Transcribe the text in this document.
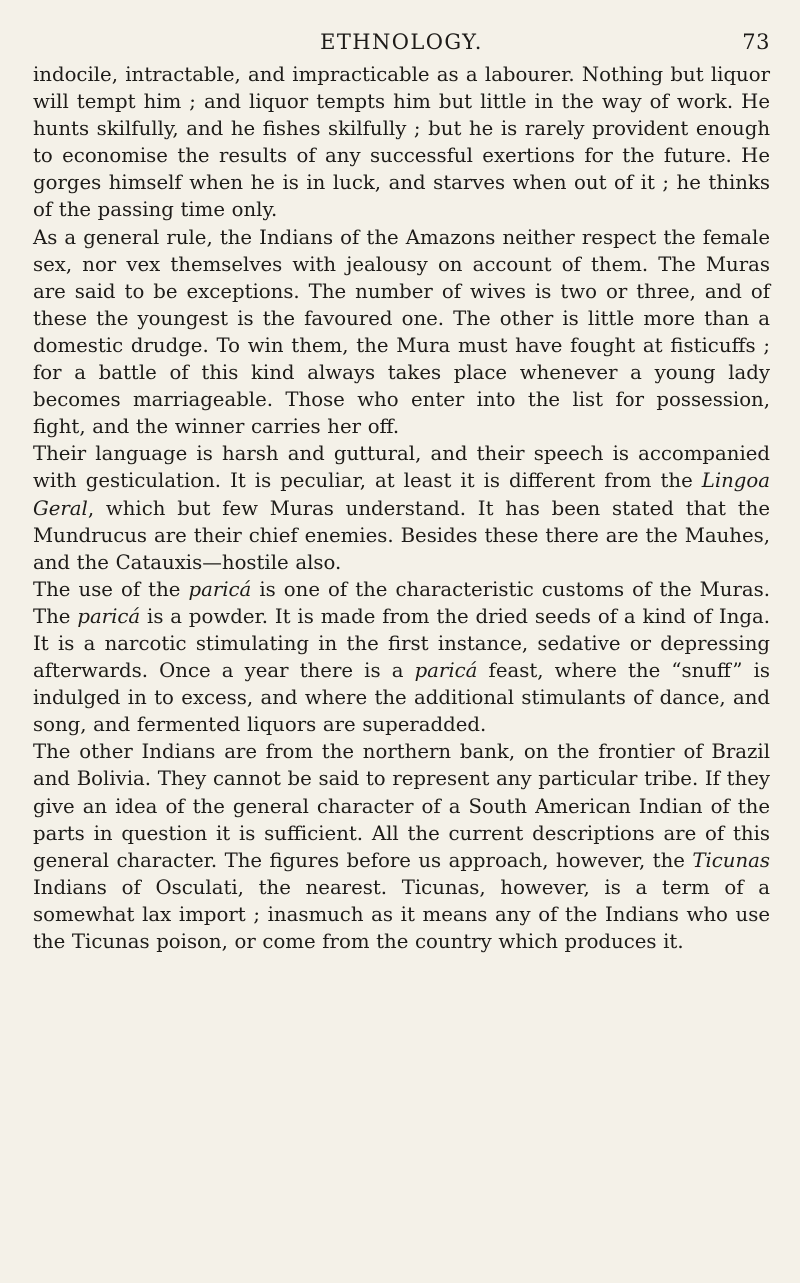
ETHNOLOGY.	73

indocile, intractable, and impracticable as a labourer. Nothing but liquor will tempt him ; and liquor tempts him but little in the way of work. He hunts skilfully, and he fishes skilfully ; but he is rarely provident enough to economise the results of any successful exertions for the future. He gorges himself when he is in luck, and starves when out of it ; he thinks of the passing time only.

As a general rule, the Indians of the Amazons neither respect the female sex, nor vex themselves with jealousy on account of them. The Muras are said to be exceptions. The number of wives is two or three, and of these the youngest is the favoured one. The other is little more than a domestic drudge. To win them, the Mura must have fought at fisticuffs ; for a battle of this kind always takes place whenever a young lady becomes marriageable. Those who enter into the list for possession, fight, and the winner carries her off.

Their language is harsh and guttural, and their speech is accompanied with gesticulation. It is peculiar, at least it is different from the Lingoa Geral, which but few Muras understand. It has been stated that the Mundrucus are their chief enemies. Besides these there are the Mauhes, and the Catauxis—hostile also.

The use of the paricá is one of the characteristic customs of the Muras. The paricá is a powder. It is made from the dried seeds of a kind of Inga. It is a narcotic stimulating in the first instance, sedative or depressing afterwards. Once a year there is a paricá feast, where the “snuff” is indulged in to excess, and where the additional stimulants of dance, and song, and fermented liquors are superadded.

The other Indians are from the northern bank, on the frontier of Brazil and Bolivia. They cannot be said to represent any particular tribe. If they give an idea of the general character of a South American Indian of the parts in question it is sufficient. All the current descriptions are of this general character. The figures before us approach, however, the Ticunas Indians of Osculati, the nearest. Ticunas, however, is a term of a somewhat lax import ; inasmuch as it means any of the Indians who use the Ticunas poison, or come from the country which produces it.
